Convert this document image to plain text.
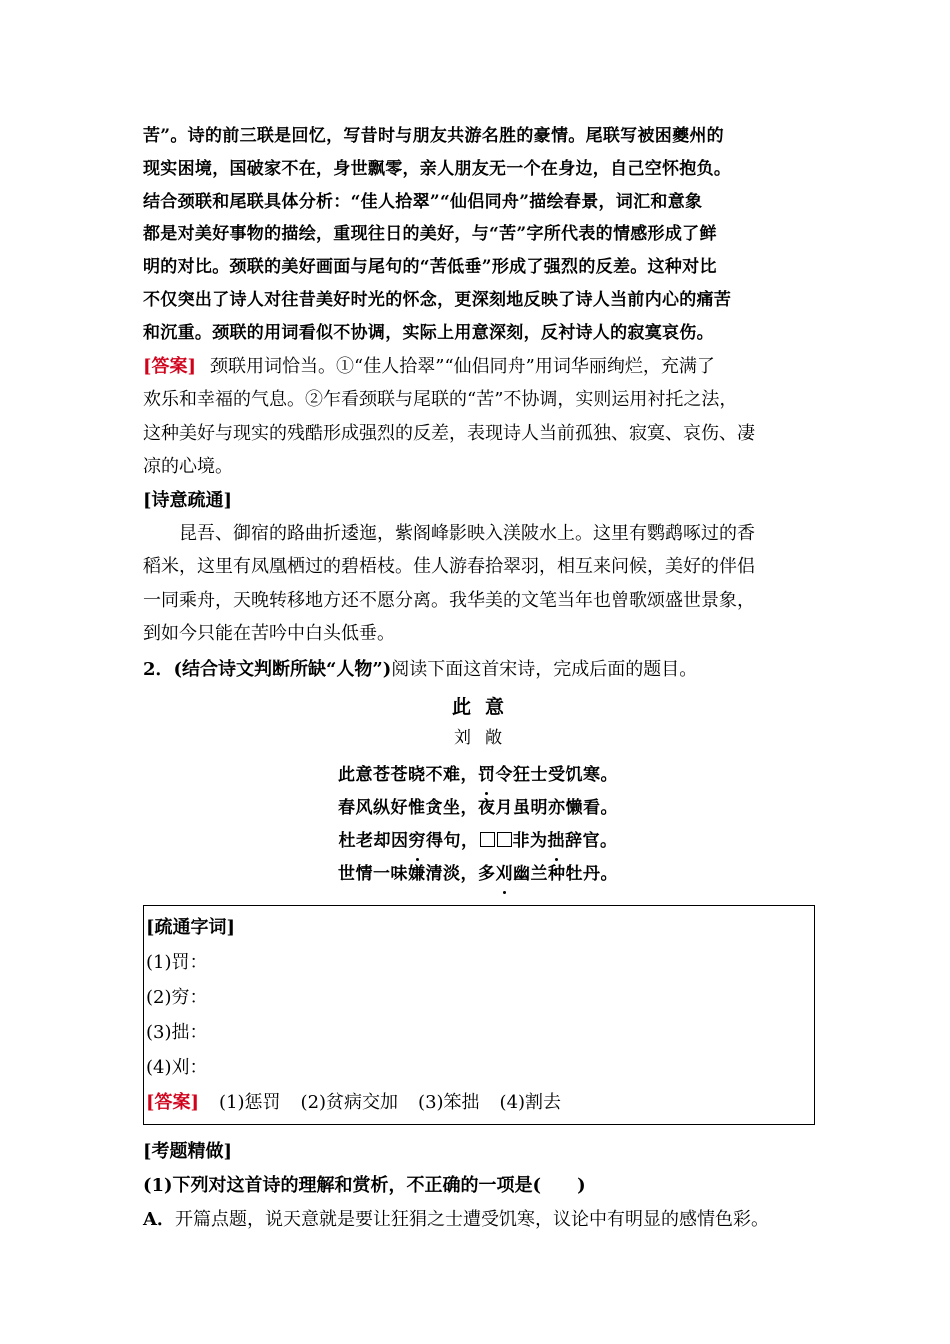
苦”。诗的前三联是回忆，写昔时与朋友共游名胜的豪情。尾联写被困夔州的

现实困境，国破家不在，身世飘零，亲人朋友无一个在身边，自己空怀抱负。

结合颈联和尾联具体分析：“佳人拾翠”“仙侣同舟”描绘春景，词汇和意象

都是对美好事物的描绘，重现往日的美好，与“苦”字所代表的情感形成了鲜

明的对比。颈联的美好画面与尾句的“苦低垂”形成了强烈的反差。这种对比

不仅突出了诗人对往昔美好时光的怀念，更深刻地反映了诗人当前内心的痛苦

和沉重。颈联的用词看似不协调，实际上用意深刻，反衬诗人的寂寞哀伤。

[答案] 颈联用词恰当。①“佳人拾翠”“仙侣同舟”用词华丽绚烂，充满了

欢乐和幸福的气息。②乍看颈联与尾联的“苦”不协调，实则运用衬托之法，

这种美好与现实的残酷形成强烈的反差，表现诗人当前孤独、寂寞、哀伤、凄

凉的心境。

[诗意疏通]

昆吾、御宿的路曲折逶迤，紫阁峰影映入渼陂水上。这里有鹦鹉啄过的香

稻米，这里有凤凰栖过的碧梧枝。佳人游春拾翠羽，相互来问候，美好的伴侣

一同乘舟，天晚转移地方还不愿分离。我华美的文笔当年也曾歌颂盛世景象，

到如今只能在苦吟中白头低垂。

2．(结合诗文判断所缺“人物”)阅读下面这首宋诗，完成后面的题目。

此意
刘敞
此意苍苍晓不难，罚令狂士受饥寒。
春风纵好惟贪坐，夜月虽明亦懒看。
杜老却因穷得句， 非为拙辞官。
世情一味嫌清淡，多刈幽兰种牡丹。

[疏通字词]

(1)罚：

(2)穷：

(3)拙：

(4)刈：

[答案] (1)惩罚 (2)贫病交加 (3)笨拙 (4)割去

[考题精做]

(1)下列对这首诗的理解和赏析，不正确的一项是(　　)

A．开篇点题，说天意就是要让狂狷之士遭受饥寒，议论中有明显的感情色彩。
